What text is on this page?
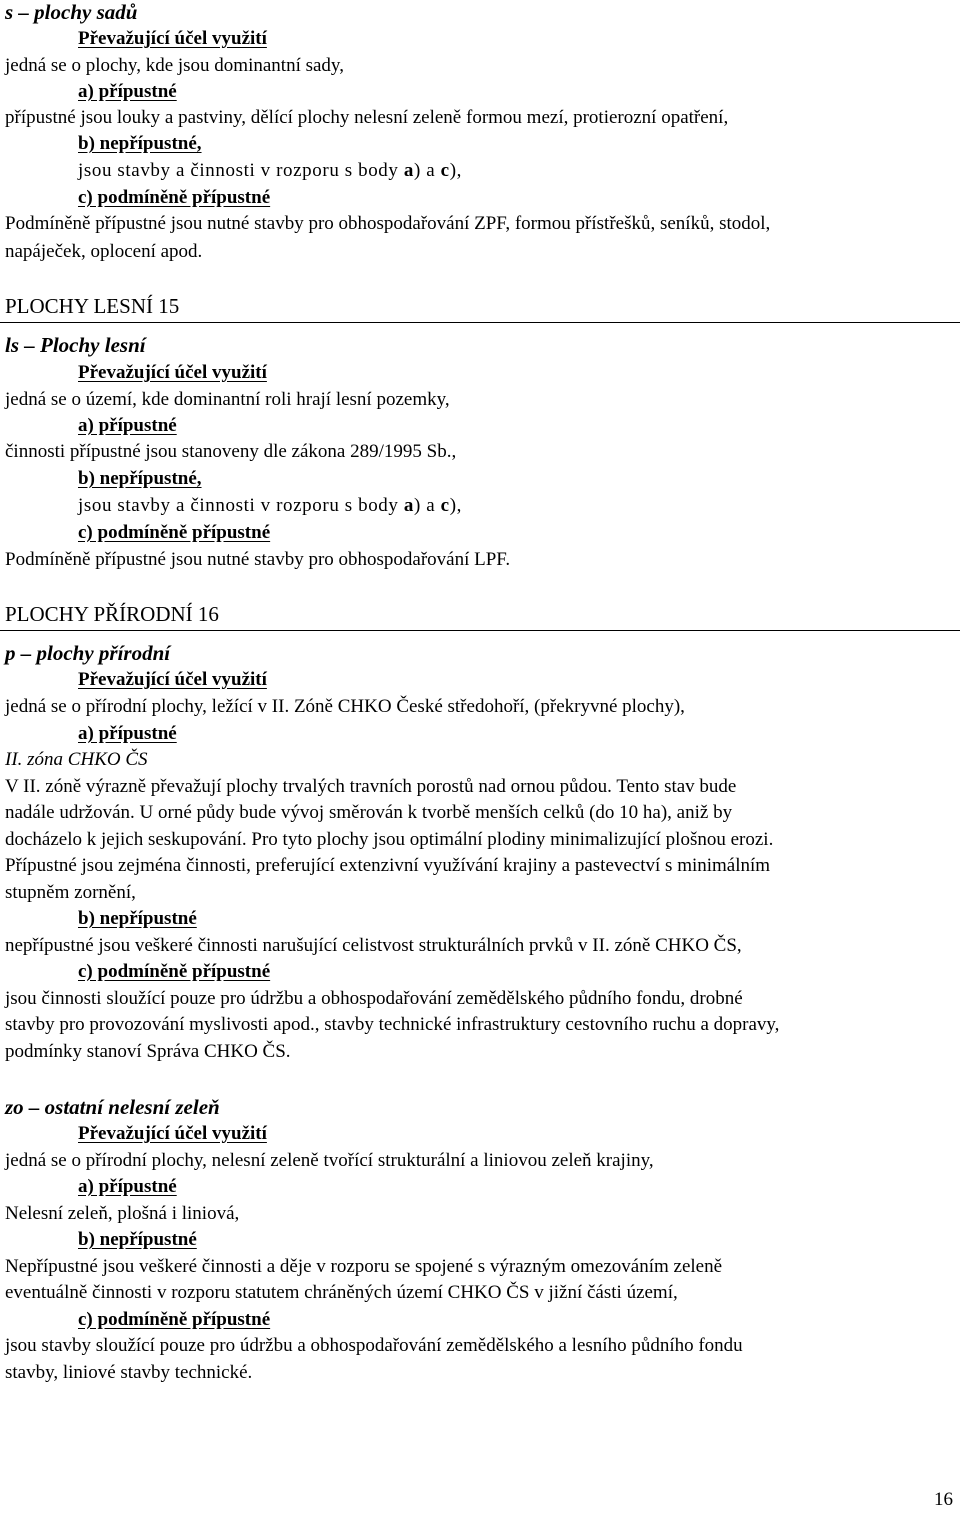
s – plochy sadů
Převažující účel využití
jedná se o plochy, kde jsou dominantní sady,
a) přípustné
přípustné jsou louky a pastviny, dělící plochy nelesní zeleně formou mezí, protierozní opatření,
b) nepřípustné,
jsou stavby a činnosti v rozporu s body a) a c),
c) podmíněně přípustné
Podmíněně přípustné jsou nutné stavby pro obhospodařování ZPF, formou přístřešků, seníků, stodol,
napáječek, oplocení apod.
PLOCHY LESNÍ 15
ls – Plochy lesní
Převažující účel využití
jedná se o území, kde dominantní roli hrají lesní pozemky,
a) přípustné
činnosti přípustné jsou stanoveny dle zákona 289/1995 Sb.,
b) nepřípustné,
jsou stavby a činnosti v rozporu s body a) a c),
c) podmíněně přípustné
Podmíněně přípustné jsou nutné stavby pro obhospodařování LPF.
PLOCHY PŘÍRODNÍ 16
p – plochy přírodní
Převažující účel využití
jedná se o přírodní plochy, ležící v II. Zóně CHKO České středohoří, (překryvné plochy),
a) přípustné
II. zóna CHKO ČS
V II. zóně výrazně převažují plochy trvalých travních porostů nad ornou půdou. Tento stav bude
nadále udržován. U orné půdy bude vývoj směrován k tvorbě menších celků (do 10 ha), aniž by
docházelo k jejich seskupování. Pro tyto plochy jsou optimální plodiny minimalizující plošnou erozi.
Přípustné jsou zejména činnosti, preferující extenzivní využívání krajiny a pastevectví s minimálním
stupněm zornění,
b) nepřípustné
nepřípustné jsou veškeré činnosti narušující celistvost strukturálních prvků v II. zóně CHKO ČS,
c) podmíněně přípustné
jsou činnosti sloužící pouze pro údržbu a obhospodařování zemědělského půdního fondu, drobné
stavby pro provozování myslivosti apod., stavby technické infrastruktury cestovního ruchu a dopravy,
podmínky stanoví Správa CHKO ČS.
zo – ostatní nelesní zeleň
Převažující účel využití
jedná se o přírodní plochy, nelesní zeleně tvořící strukturální a liniovou zeleň krajiny,
a) přípustné
Nelesní zeleň, plošná i liniová,
b) nepřípustné
Nepřípustné jsou veškeré činnosti a děje v rozporu se spojené s výrazným omezováním zeleně
eventuálně činnosti v rozporu statutem chráněných území CHKO ČS v jižní části území,
c) podmíněně přípustné
jsou stavby sloužící pouze pro údržbu a obhospodařování zemědělského a lesního půdního fondu
stavby, liniové stavby technické.
16
